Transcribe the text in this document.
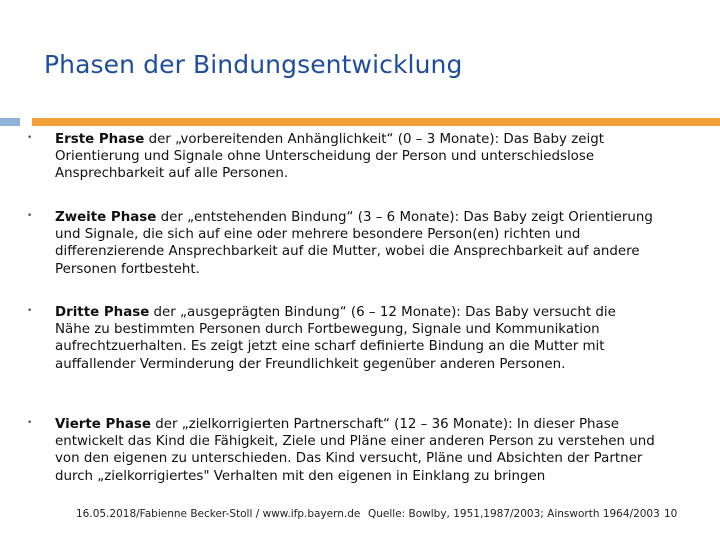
Phasen der Bindungsentwicklung
• Erste Phase der „vorbereitenden Anhänglichkeit“ (0 – 3 Monate): Das Baby zeigt Orientierung und Signale ohne Unterscheidung der Person und unterschiedslose Ansprechbarkeit auf alle Personen.
• Zweite Phase der „entstehenden Bindung“ (3 – 6 Monate): Das Baby zeigt Orientierung und Signale, die sich auf eine oder mehrere besondere Person(en) richten und differenzierende Ansprechbarkeit auf die Mutter, wobei die Ansprechbarkeit auf andere Personen fortbesteht.
• Dritte Phase der „ausgeprägten Bindung“ (6 – 12 Monate): Das Baby versucht die Nähe zu bestimmten Personen durch Fortbewegung, Signale und Kommunikation aufrechtzuerhalten. Es zeigt jetzt eine scharf definierte Bindung an die Mutter mit auffallender Verminderung der Freundlichkeit gegenüber anderen Personen.
• Vierte Phase der „zielkorrigierten Partnerschaft“ (12 – 36 Monate): In dieser Phase entwickelt das Kind die Fähigkeit, Ziele und Pläne einer anderen Person zu verstehen und von den eigenen zu unterschieden. Das Kind versucht, Pläne und Absichten der Partner durch „zielkorrigiertes" Verhalten mit den eigenen in Einklang zu bringen
16.05.2018/Fabienne Becker-Stoll / www.ifp.bayern.de Quelle: Bowlby, 1951,1987/2003; Ainsworth 1964/2003 10
